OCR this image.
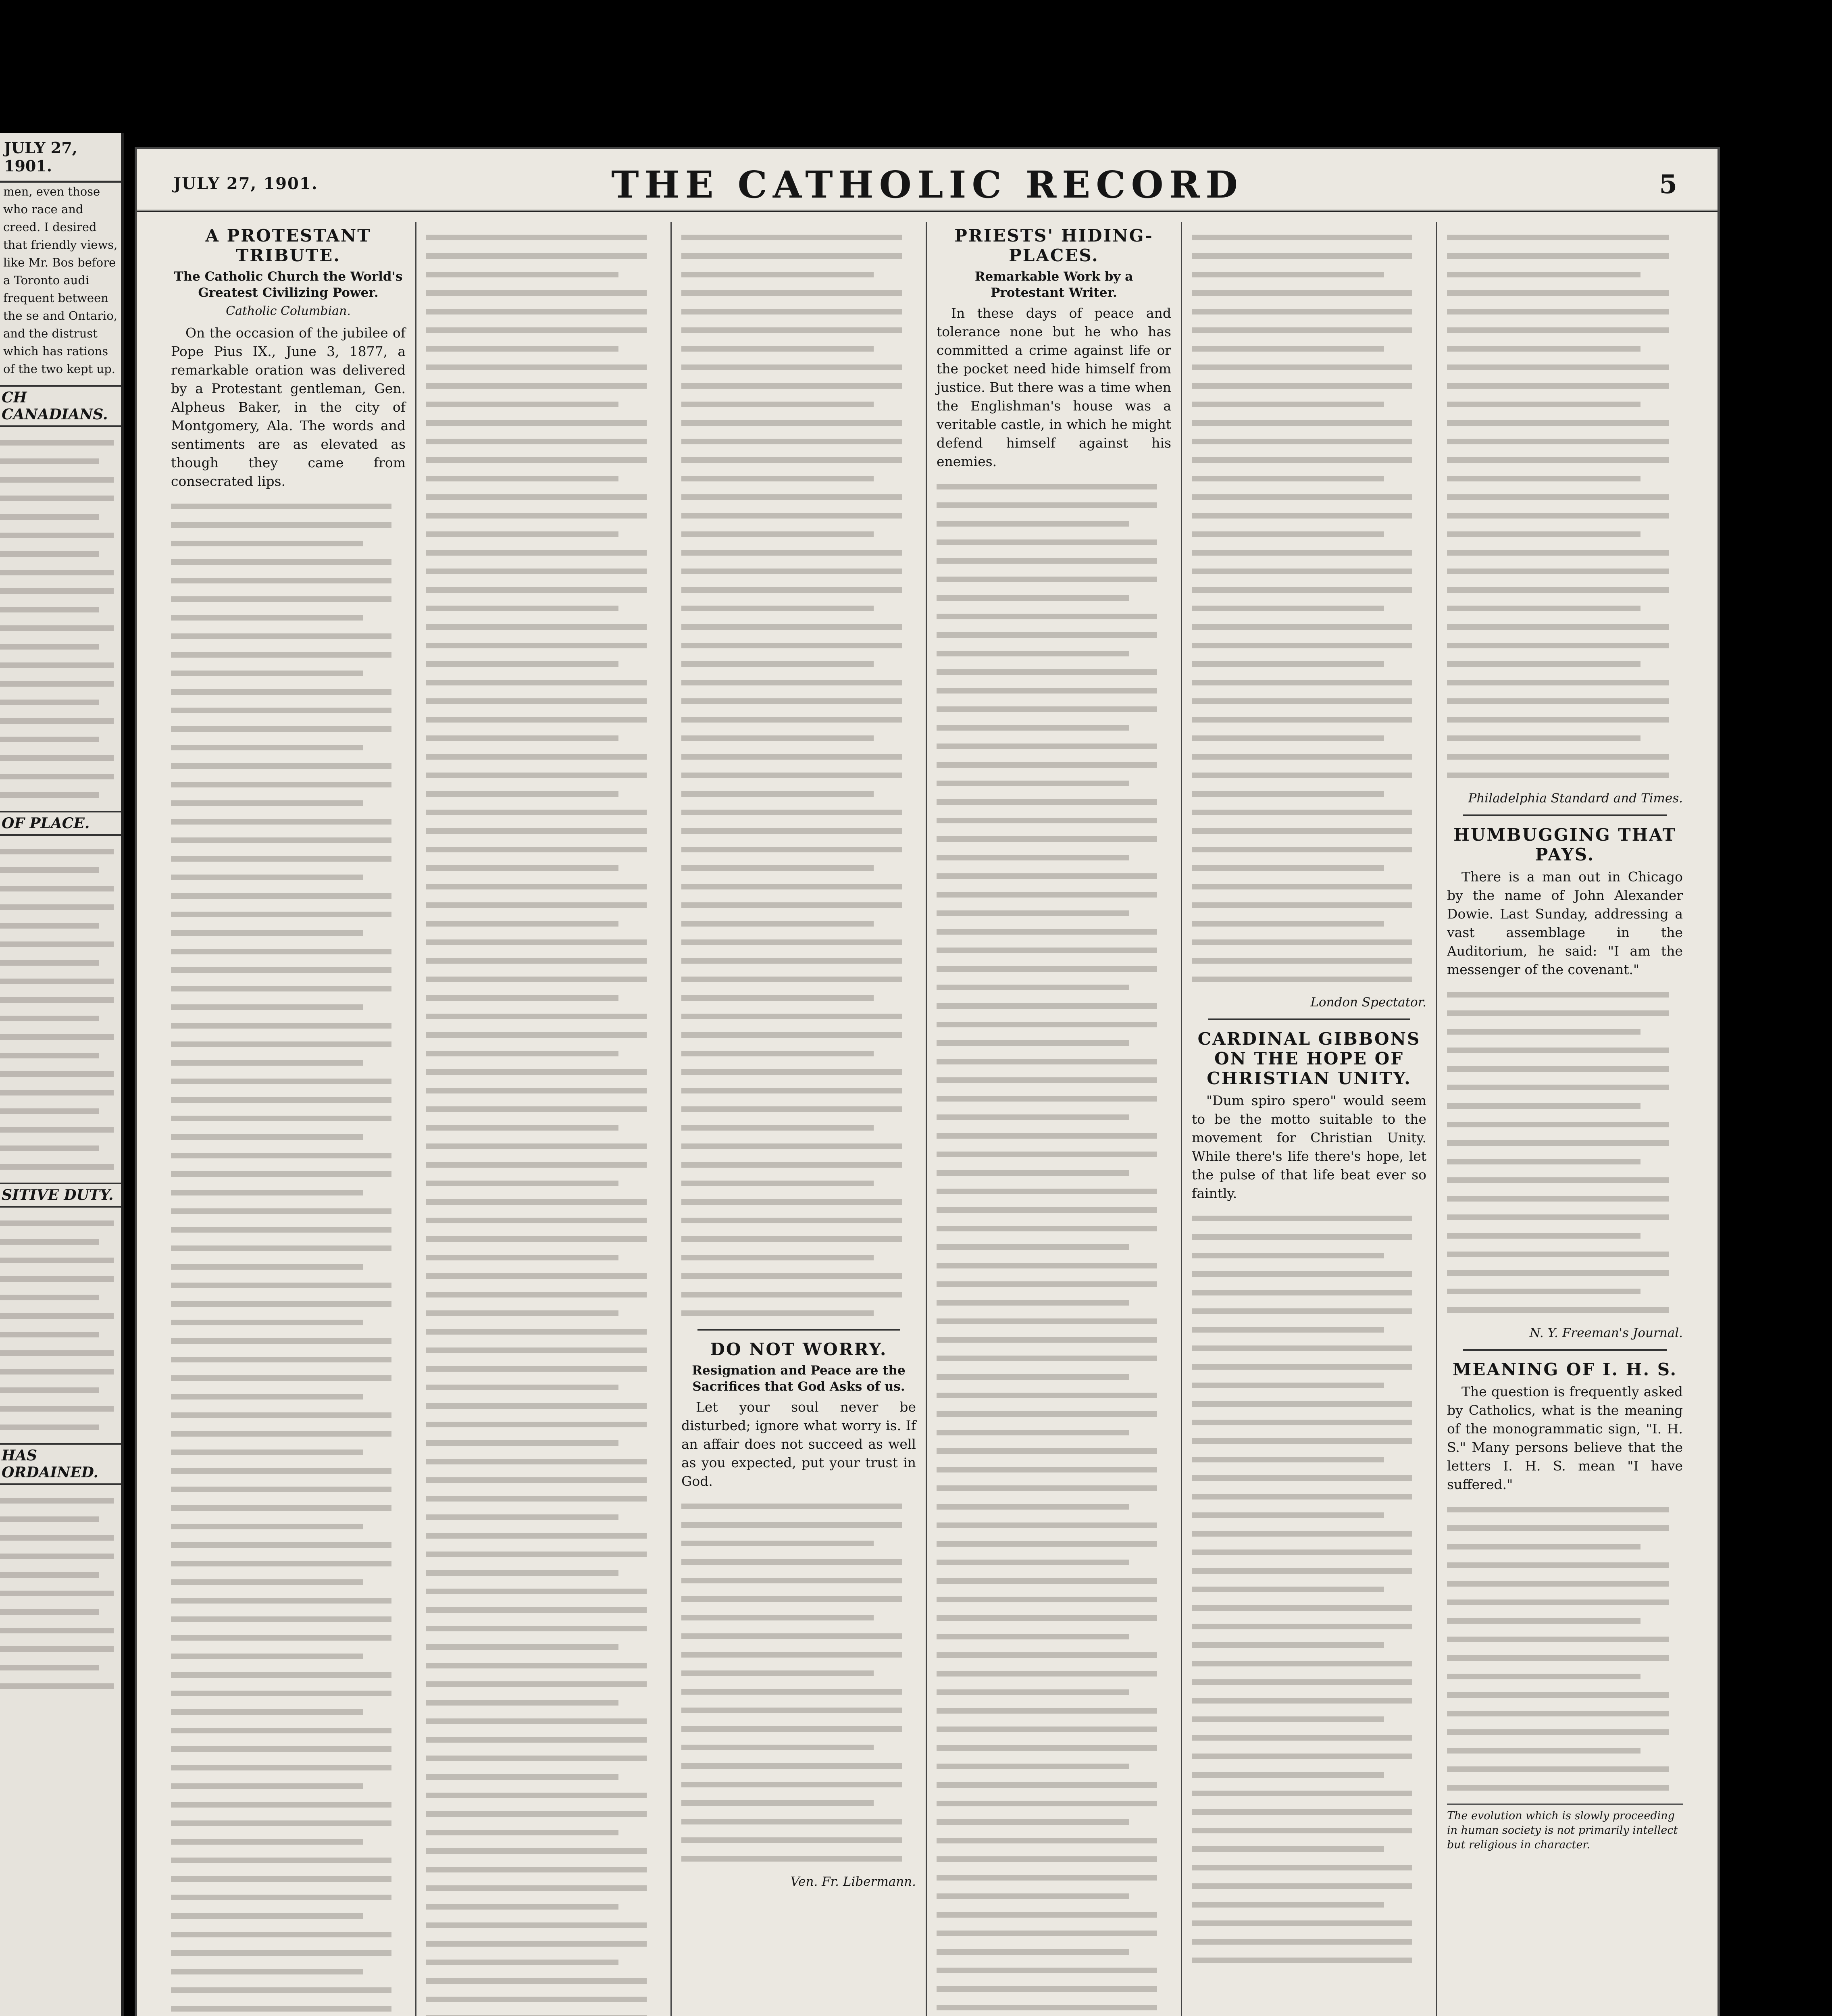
JULY 27, 1901.
men, even those who race and creed. I desired that friendly views, like Mr. Bos before a Toronto audi frequent between the se and Ontario, and the distrust which has rations of the two kept up.
CH CANADIANS.
OF PLACE.
SITIVE DUTY.
HAS ORDAINED.
JULY 27, 1901.	THE CATHOLIC RECORD	5
A PROTESTANT TRIBUTE.
The Catholic Church the World's Greatest Civilizing Power.
Catholic Columbian.
On the occasion of the jubilee of Pope Pius IX., June 3, 1877, a remarkable oration was delivered by a Protestant gentleman, Gen. Alpheus Baker, in the city of Montgomery, Ala. The words and sentiments are as elevated as though they came from consecrated lips.
DO NOT WORRY.
Resignation and Peace are the Sacrifices that God Asks of us.
Let your soul never be disturbed; ignore what worry is. If an affair does not succeed as well as you expected, put your trust in God.
Ven. Fr. Libermann.
PRIESTS' HIDING-PLACES.
Remarkable Work by a Protestant Writer.
In these days of peace and tolerance none but he who has committed a crime against life or the pocket need hide himself from justice. But there was a time when the Englishman's house was a veritable castle, in which he might defend himself against his enemies.
London Spectator.
CARDINAL GIBBONS ON THE HOPE OF CHRISTIAN UNITY.
"Dum spiro spero" would seem to be the motto suitable to the movement for Christian Unity. While there's life there's hope, let the pulse of that life beat ever so faintly.
Philadelphia Standard and Times.
HUMBUGGING THAT PAYS.
There is a man out in Chicago by the name of John Alexander Dowie. Last Sunday, addressing a vast assemblage in the Auditorium, he said: "I am the messenger of the covenant."
N. Y. Freeman's Journal.
MEANING OF I. H. S.
The question is frequently asked by Catholics, what is the meaning of the monogrammatic sign, "I. H. S." Many persons believe that the letters I. H. S. mean "I have suffered."
The evolution which is slowly proceeding in human society is not primarily intellect but religious in character.
